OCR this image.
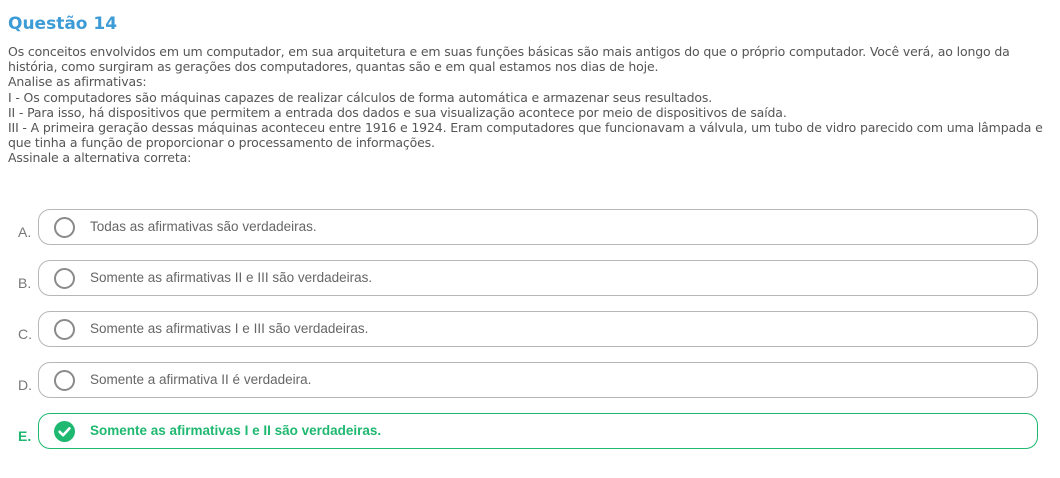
Questão 14

Os conceitos envolvidos em um computador, em sua arquitetura e em suas funções básicas são mais antigos do que o próprio computador. Você verá, ao longo da história, como surgiram as gerações dos computadores, quantas são e em qual estamos nos dias de hoje.

Analise as afirmativas:

I - Os computadores são máquinas capazes de realizar cálculos de forma automática e armazenar seus resultados.

II - Para isso, há dispositivos que permitem a entrada dos dados e sua visualização acontece por meio de dispositivos de saída.

III - A primeira geração dessas máquinas aconteceu entre 1916 e 1924. Eram computadores que funcionavam a válvula, um tubo de vidro parecido com uma lâmpada e que tinha a função de proporcionar o processamento de informações.

Assinale a alternativa correta:

A.	Todas as afirmativas são verdadeiras.
B.	Somente as afirmativas II e III são verdadeiras.
C.	Somente as afirmativas I e III são verdadeiras.
D.	Somente a afirmativa II é verdadeira.
E.	Somente as afirmativas I e II são verdadeiras.
